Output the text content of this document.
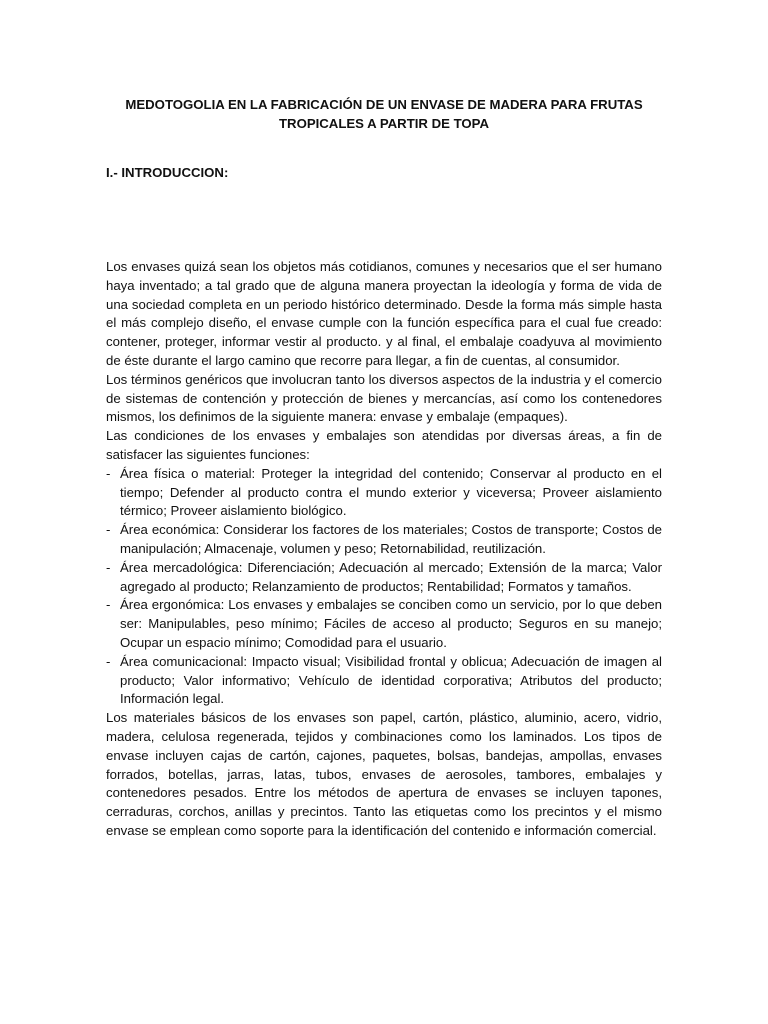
MEDOTOGOLIA EN LA FABRICACIÓN DE UN ENVASE DE MADERA PARA FRUTAS
TROPICALES A PARTIR DE TOPA
I.- INTRODUCCION:

Los envases quizá sean los objetos más cotidianos, comunes y necesarios que el ser humano haya inventado; a tal grado que de alguna manera proyectan la ideología y forma de vida de una sociedad completa en un periodo histórico determinado. Desde la forma más simple hasta el más complejo diseño, el envase cumple con la función específica para el cual fue creado: contener, proteger, informar vestir al producto. y al final, el embalaje coadyuva al movimiento de éste durante el largo camino que recorre para llegar, a fin de cuentas, al consumidor.

Los términos genéricos que involucran tanto los diversos aspectos de la industria y el comercio de sistemas de contención y protección de bienes y mercancías, así como los contenedores mismos, los definimos de la siguiente manera: envase y embalaje (empaques).

Las condiciones de los envases y embalajes son atendidas por diversas áreas, a fin de satisfacer las siguientes funciones:

- Área física o material: Proteger la integridad del contenido; Conservar al producto en el tiempo; Defender al producto contra el mundo exterior y viceversa; Proveer aislamiento térmico; Proveer aislamiento biológico.
- Área económica: Considerar los factores de los materiales; Costos de transporte; Costos de manipulación; Almacenaje, volumen y peso; Retornabilidad, reutilización.
- Área mercadológica: Diferenciación; Adecuación al mercado; Extensión de la marca; Valor agregado al producto; Relanzamiento de productos; Rentabilidad; Formatos y tamaños.
- Área ergonómica: Los envases y embalajes se conciben como un servicio, por lo que deben ser: Manipulables, peso mínimo; Fáciles de acceso al producto; Seguros en su manejo; Ocupar un espacio mínimo; Comodidad para el usuario.
- Área comunicacional: Impacto visual; Visibilidad frontal y oblicua; Adecuación de imagen al producto; Valor informativo; Vehículo de identidad corporativa; Atributos del producto; Información legal.

Los materiales básicos de los envases son papel, cartón, plástico, aluminio, acero, vidrio, madera, celulosa regenerada, tejidos y combinaciones como los laminados. Los tipos de envase incluyen cajas de cartón, cajones, paquetes, bolsas, bandejas, ampollas, envases forrados, botellas, jarras, latas, tubos, envases de aerosoles, tambores, embalajes y contenedores pesados. Entre los métodos de apertura de envases se incluyen tapones, cerraduras, corchos, anillas y precintos. Tanto las etiquetas como los precintos y el mismo envase se emplean como soporte para la identificación del contenido e información comercial.
